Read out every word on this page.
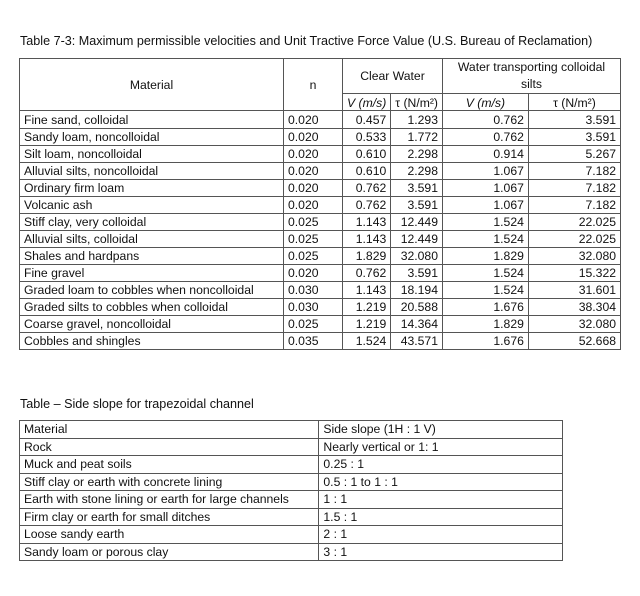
Table 7-3: Maximum permissible velocities and Unit Tractive Force Value (U.S. Bureau of Reclamation)
Material	n	Clear Water		Water transporting colloidal silts	
		V (m/s)	τ (N/m²)	V (m/s)	τ (N/m²)
Fine sand, colloidal	0.020	0.457	1.293	0.762	3.591
Sandy loam, noncolloidal	0.020	0.533	1.772	0.762	3.591
Silt loam, noncolloidal	0.020	0.610	2.298	0.914	5.267
Alluvial silts, noncolloidal	0.020	0.610	2.298	1.067	7.182
Ordinary firm loam	0.020	0.762	3.591	1.067	7.182
Volcanic ash	0.020	0.762	3.591	1.067	7.182
Stiff clay, very colloidal	0.025	1.143	12.449	1.524	22.025
Alluvial silts, colloidal	0.025	1.143	12.449	1.524	22.025
Shales and hardpans	0.025	1.829	32.080	1.829	32.080
Fine gravel	0.020	0.762	3.591	1.524	15.322
Graded loam to cobbles when noncolloidal	0.030	1.143	18.194	1.524	31.601
Graded silts to cobbles when colloidal	0.030	1.219	20.588	1.676	38.304
Coarse gravel, noncolloidal	0.025	1.219	14.364	1.829	32.080
Cobbles and shingles	0.035	1.524	43.571	1.676	52.668
Table – Side slope for trapezoidal channel
Material	Side slope (1H : 1 V)
Rock	Nearly vertical or 1: 1
Muck and peat soils	0.25 : 1
Stiff clay or earth with concrete lining	0.5 : 1 to 1 : 1
Earth with stone lining or earth for large channels	1 : 1
Firm clay or earth for small ditches	1.5 : 1
Loose sandy earth	2 : 1
Sandy loam or porous clay	3 : 1
